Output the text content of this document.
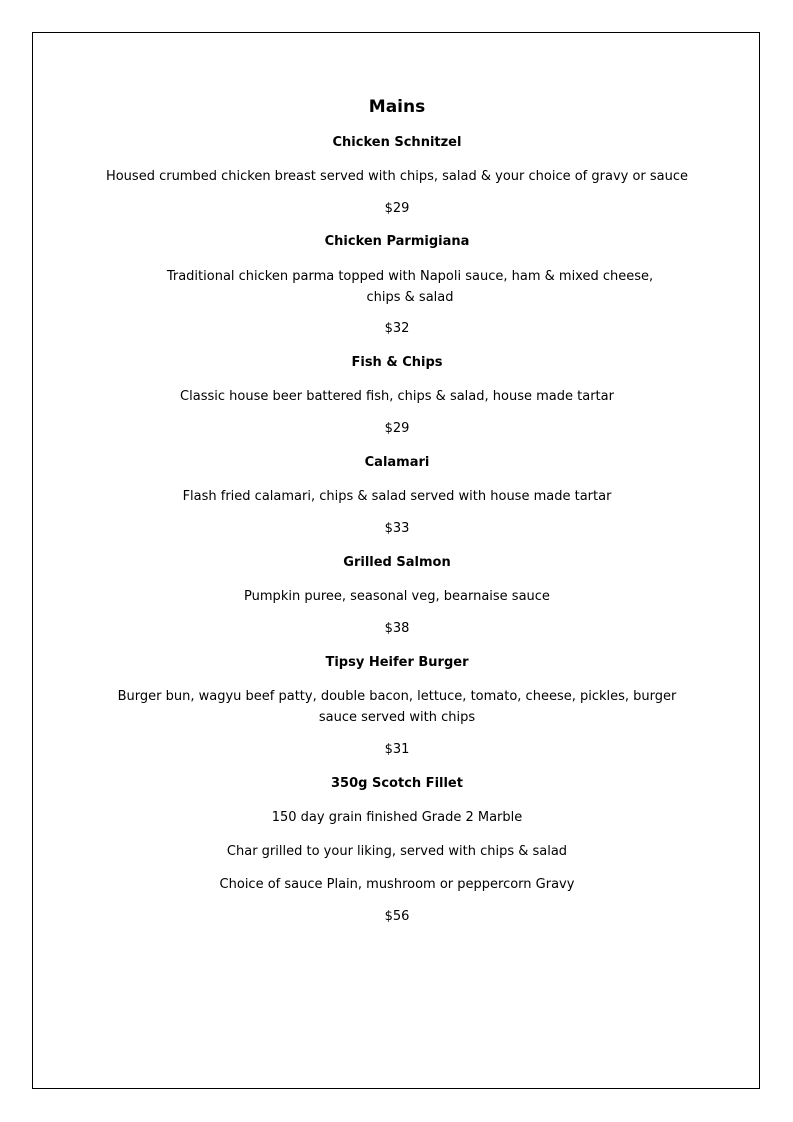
Mains
Chicken Schnitzel
Housed crumbed chicken breast served with chips, salad & your choice of gravy or sauce
$29
Chicken Parmigiana
Traditional chicken parma topped with Napoli sauce, ham & mixed cheese, chips & salad
$32
Fish & Chips
Classic house beer battered fish, chips & salad, house made tartar
$29
Calamari
Flash fried calamari, chips & salad served with house made tartar
$33
Grilled Salmon
Pumpkin puree, seasonal veg, bearnaise sauce
$38
Tipsy Heifer Burger
Burger bun, wagyu beef patty, double bacon, lettuce, tomato, cheese, pickles, burger sauce served with chips
$31
350g Scotch Fillet
150 day grain finished Grade 2 Marble
Char grilled to your liking, served with chips & salad
Choice of sauce Plain, mushroom or peppercorn Gravy
$56
